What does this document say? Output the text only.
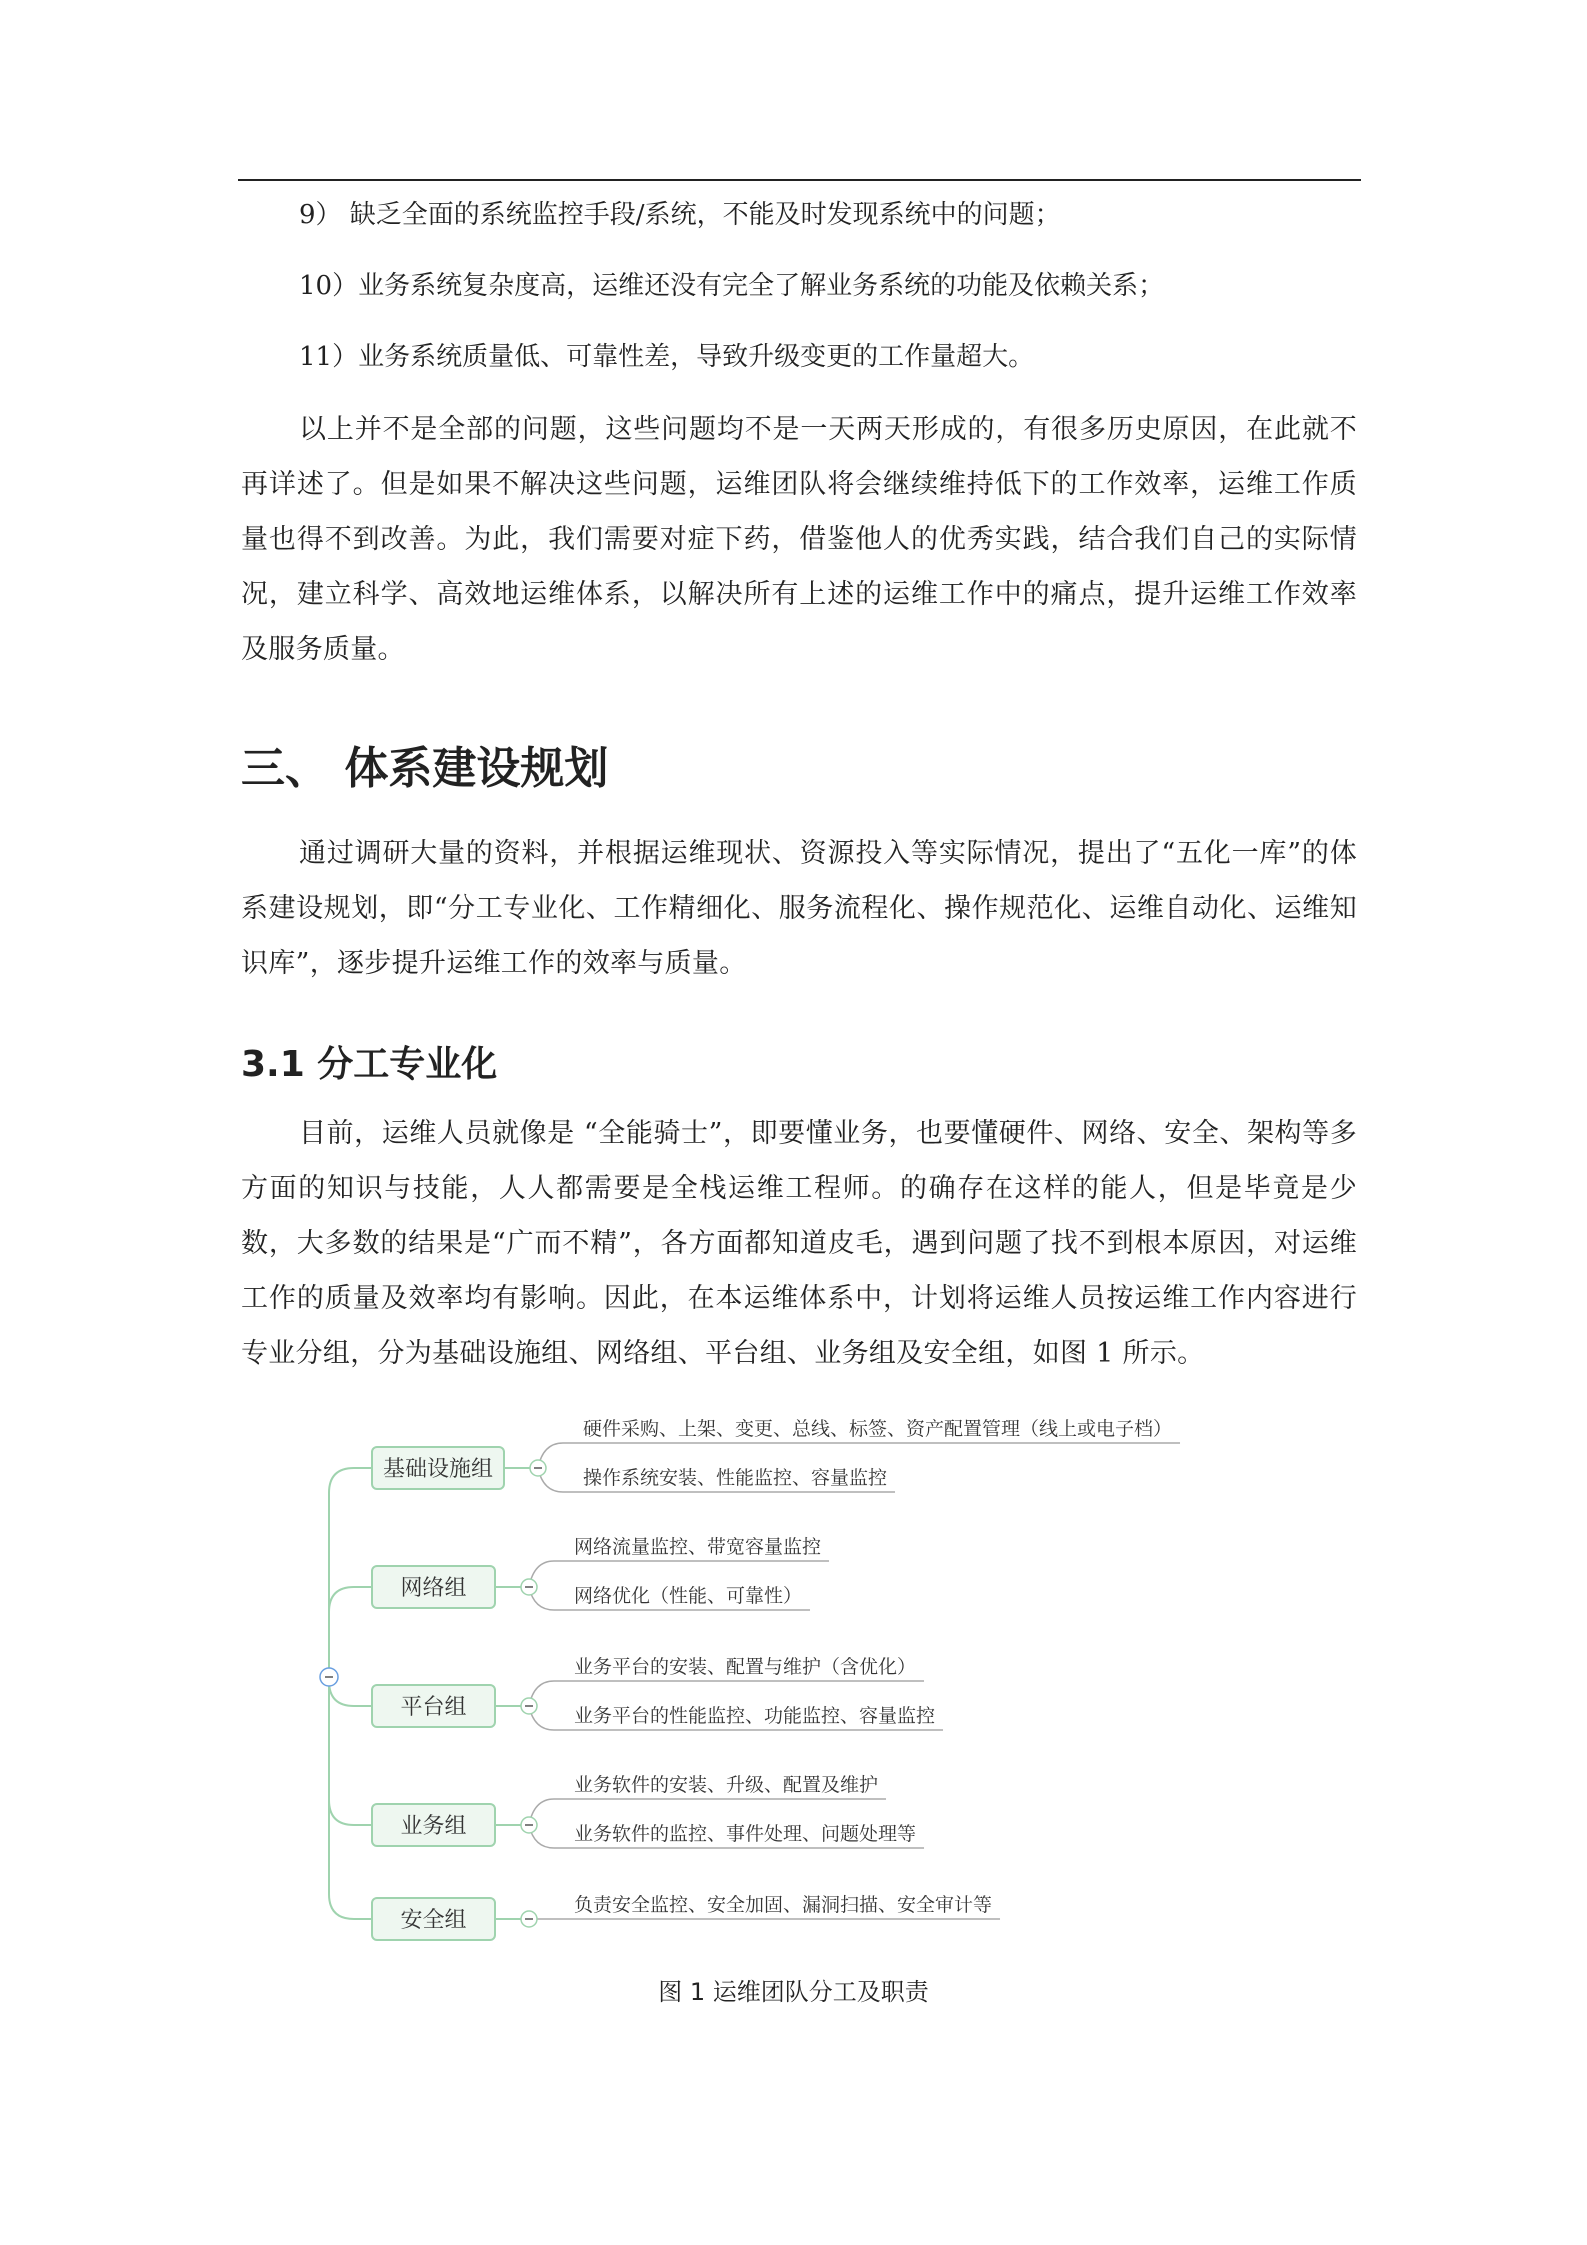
9） 缺乏全面的系统监控手段/系统，不能及时发现系统中的问题；
10）业务系统复杂度高，运维还没有完全了解业务系统的功能及依赖关系；
11）业务系统质量低、可靠性差，导致升级变更的工作量超大。
以上并不是全部的问题，这些问题均不是一天两天形成的，有很多历史原因，在此就不再详述了。但是如果不解决这些问题，运维团队将会继续维持低下的工作效率，运维工作质量也得不到改善。为此，我们需要对症下药，借鉴他人的优秀实践，结合我们自己的实际情况，建立科学、高效地运维体系，以解决所有上述的运维工作中的痛点，提升运维工作效率及服务质量。
三、 体系建设规划
通过调研大量的资料，并根据运维现状、资源投入等实际情况，提出了“五化一库”的体系建设规划，即“分工专业化、工作精细化、服务流程化、操作规范化、运维自动化、运维知识库”，逐步提升运维工作的效率与质量。
3.1 分工专业化
目前，运维人员就像是 “全能骑士”，即要懂业务，也要懂硬件、网络、安全、架构等多方面的知识与技能，人人都需要是全栈运维工程师。的确存在这样的能人，但是毕竟是少数，大多数的结果是“广而不精”，各方面都知道皮毛，遇到问题了找不到根本原因，对运维工作的质量及效率均有影响。因此，在本运维体系中，计划将运维人员按运维工作内容进行专业分组，分为基础设施组、网络组、平台组、业务组及安全组，如图 1 所示。
基础设施组
硬件采购、上架、变更、总线、标签、资产配置管理（线上或电子档）
操作系统安装、性能监控、容量监控
网络组
网络流量监控、带宽容量监控
网络优化（性能、可靠性）
平台组
业务平台的安装、配置与维护（含优化）
业务平台的性能监控、功能监控、容量监控
业务组
业务软件的安装、升级、配置及维护
业务软件的监控、事件处理、问题处理等
安全组
负责安全监控、安全加固、漏洞扫描、安全审计等
图 1 运维团队分工及职责
